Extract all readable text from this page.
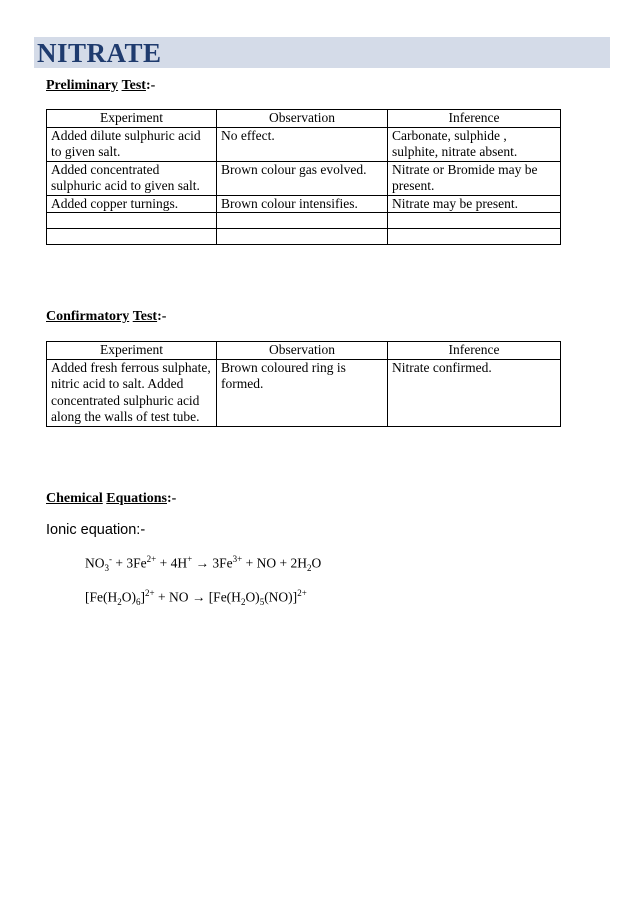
NITRATE
Preliminary Test:-
Experiment	Observation	Inference
Added dilute sulphuric acid to given salt.	No effect.	Carbonate, sulphide , sulphite, nitrate absent.
Added concentrated sulphuric acid to given salt.	Brown colour gas evolved.	Nitrate or Bromide may be present.
Added copper turnings.	Brown colour intensifies.	Nitrate may be present.

Confirmatory Test:-
Experiment	Observation	Inference
Added fresh ferrous sulphate, nitric acid to salt. Added concentrated sulphuric acid along the walls of test tube.	Brown coloured ring is formed.	Nitrate confirmed.
Chemical Equations:-
Ionic equation:-
$NO_3^- + 3Fe^{2+} + 4H^+ \to 3Fe^{3+}$ + NO + $2H_2O$
$[Fe(H_2O)_6]^{2+}$ + NO → $[Fe(H_2O)_5(NO)]^{2+}$
